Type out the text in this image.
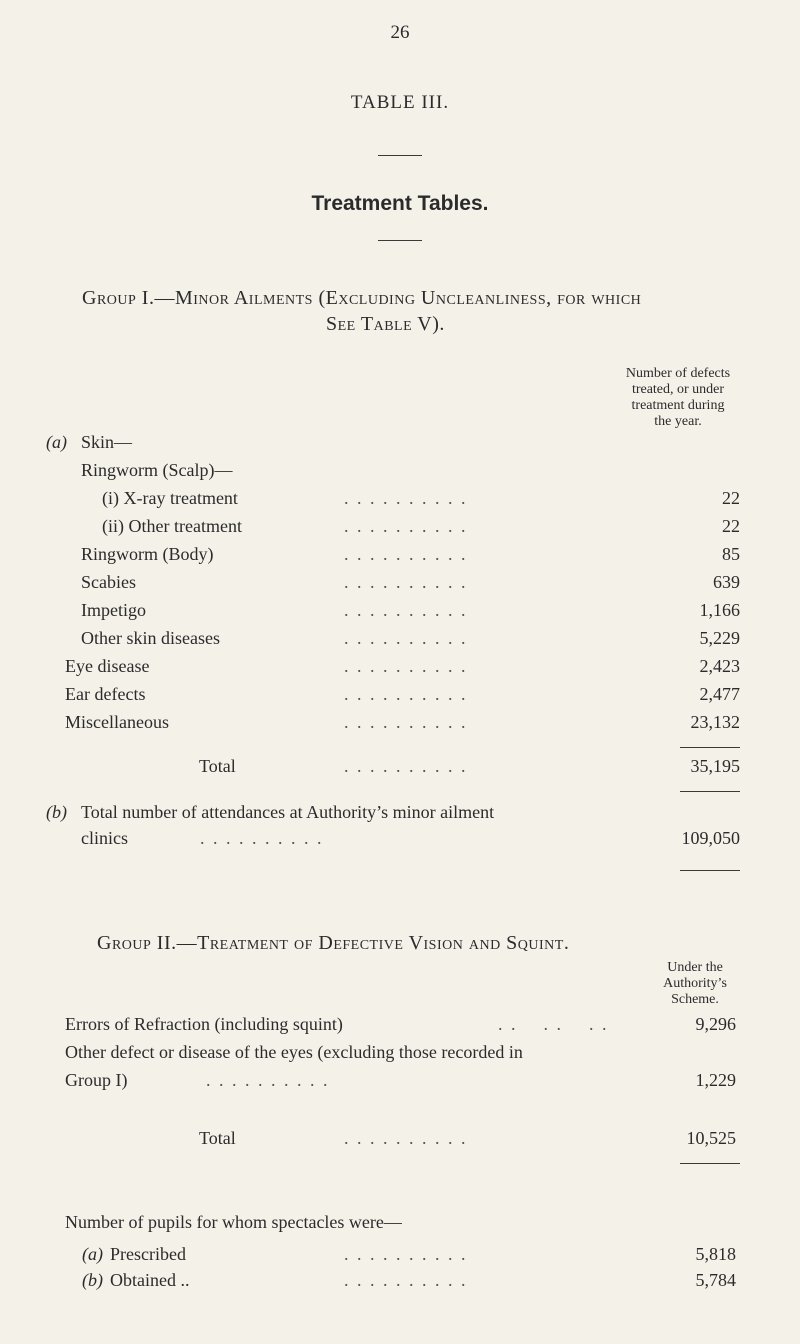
26
TABLE III.
Treatment Tables.
Group I.—Minor Ailments (Excluding Uncleanliness, for which
See Table V).
Number of defects
treated, or under
treatment during
the year.
(a) Skin—
Ringworm (Scalp)—
(i) X-ray treatment	. . . . . . . . . .	22
(ii) Other treatment	. . . . . . . . . .	22
Ringworm (Body)	. . . . . . . . . .	85
Scabies	. . . . . . . . . .	639
Impetigo	. . . . . . . . . .	1,166
Other skin diseases	. . . . . . . . . .	5,229
Eye disease	. . . . . . . . . .	2,423
Ear defects	. . . . . . . . . .	2,477
Miscellaneous	. . . . . . . . . .	23,132
Total	. . . . . . . . . .	35,195
(b) Total number of attendances at Authority’s minor ailment
clinics	. . . . . . . . . .	109,050
Group II.—Treatment of Defective Vision and Squint.
Under the
Authority’s
Scheme.
Errors of Refraction (including squint)	. .    . .    . .	9,296
Other defect or disease of the eyes (excluding those recorded in
Group I)	. . . . . . . . . .	1,229
Total	. . . . . . . . . .	10,525
Number of pupils for whom spectacles were—
(a) Prescribed	. . . . . . . . . .	5,818
(b) Obtained ..	. . . . . . . . . .	5,784
